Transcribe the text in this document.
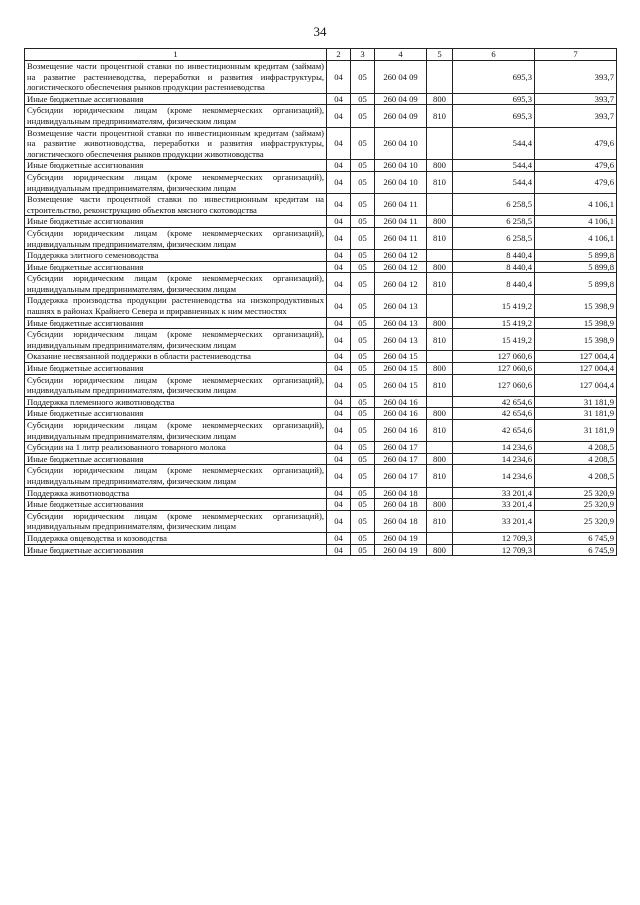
34
1	2	3	4	5	6	7
Возмещение части процентной ставки по инвестиционным кредитам (займам) на развитие растениеводства, переработки и развития инфраструктуры, логистического обеспечения рынков продукции растениеводства	04	05	260 04 09		695,3	393,7
Иные бюджетные ассигнования	04	05	260 04 09	800	695,3	393,7
Субсидии юридическим лицам (кроме некоммерческих организаций), индивидуальным предпринимателям, физическим лицам	04	05	260 04 09	810	695,3	393,7
Возмещение части процентной ставки по инвестиционным кредитам (займам) на развитие животноводства, переработки и развития инфраструктуры, логистического обеспечения рынков продукции животноводства	04	05	260 04 10		544,4	479,6
Иные бюджетные ассигнования	04	05	260 04 10	800	544,4	479,6
Субсидии юридическим лицам (кроме некоммерческих организаций), индивидуальным предпринимателям, физическим лицам	04	05	260 04 10	810	544,4	479,6
Возмещение части процентной ставки по инвестиционным кредитам на строительство, реконструкцию объектов мясного скотоводства	04	05	260 04 11		6 258,5	4 106,1
Иные бюджетные ассигнования	04	05	260 04 11	800	6 258,5	4 106,1
Субсидии юридическим лицам (кроме некоммерческих организаций), индивидуальным предпринимателям, физическим лицам	04	05	260 04 11	810	6 258,5	4 106,1
Поддержка элитного семеноводства	04	05	260 04 12		8 440,4	5 899,8
Иные бюджетные ассигнования	04	05	260 04 12	800	8 440,4	5 899,8
Субсидии юридическим лицам (кроме некоммерческих организаций), индивидуальным предпринимателям, физическим лицам	04	05	260 04 12	810	8 440,4	5 899,8
Поддержка производства продукции растениеводства на низкопродуктивных пашнях в районах Крайнего Севера и приравненных к ним местностях	04	05	260 04 13		15 419,2	15 398,9
Иные бюджетные ассигнования	04	05	260 04 13	800	15 419,2	15 398,9
Субсидии юридическим лицам (кроме некоммерческих организаций), индивидуальным предпринимателям, физическим лицам	04	05	260 04 13	810	15 419,2	15 398,9
Оказание несвязанной поддержки в области растениеводства	04	05	260 04 15		127 060,6	127 004,4
Иные бюджетные ассигнования	04	05	260 04 15	800	127 060,6	127 004,4
Субсидии юридическим лицам (кроме некоммерческих организаций), индивидуальным предпринимателям, физическим лицам	04	05	260 04 15	810	127 060,6	127 004,4
Поддержка племенного животноводства	04	05	260 04 16		42 654,6	31 181,9
Иные бюджетные ассигнования	04	05	260 04 16	800	42 654,6	31 181,9
Субсидии юридическим лицам (кроме некоммерческих организаций), индивидуальным предпринимателям, физическим лицам	04	05	260 04 16	810	42 654,6	31 181,9
Субсидии на 1 литр реализованного товарного молока	04	05	260 04 17		14 234,6	4 208,5
Иные бюджетные ассигнования	04	05	260 04 17	800	14 234,6	4 208,5
Субсидии юридическим лицам (кроме некоммерческих организаций), индивидуальным предпринимателям, физическим лицам	04	05	260 04 17	810	14 234,6	4 208,5
Поддержка животноводства	04	05	260 04 18		33 201,4	25 320,9
Иные бюджетные ассигнования	04	05	260 04 18	800	33 201,4	25 320,9
Субсидии юридическим лицам (кроме некоммерческих организаций), индивидуальным предпринимателям, физическим лицам	04	05	260 04 18	810	33 201,4	25 320,9
Поддержка овцеводства и козоводства	04	05	260 04 19		12 709,3	6 745,9
Иные бюджетные ассигнования	04	05	260 04 19	800	12 709,3	6 745,9
